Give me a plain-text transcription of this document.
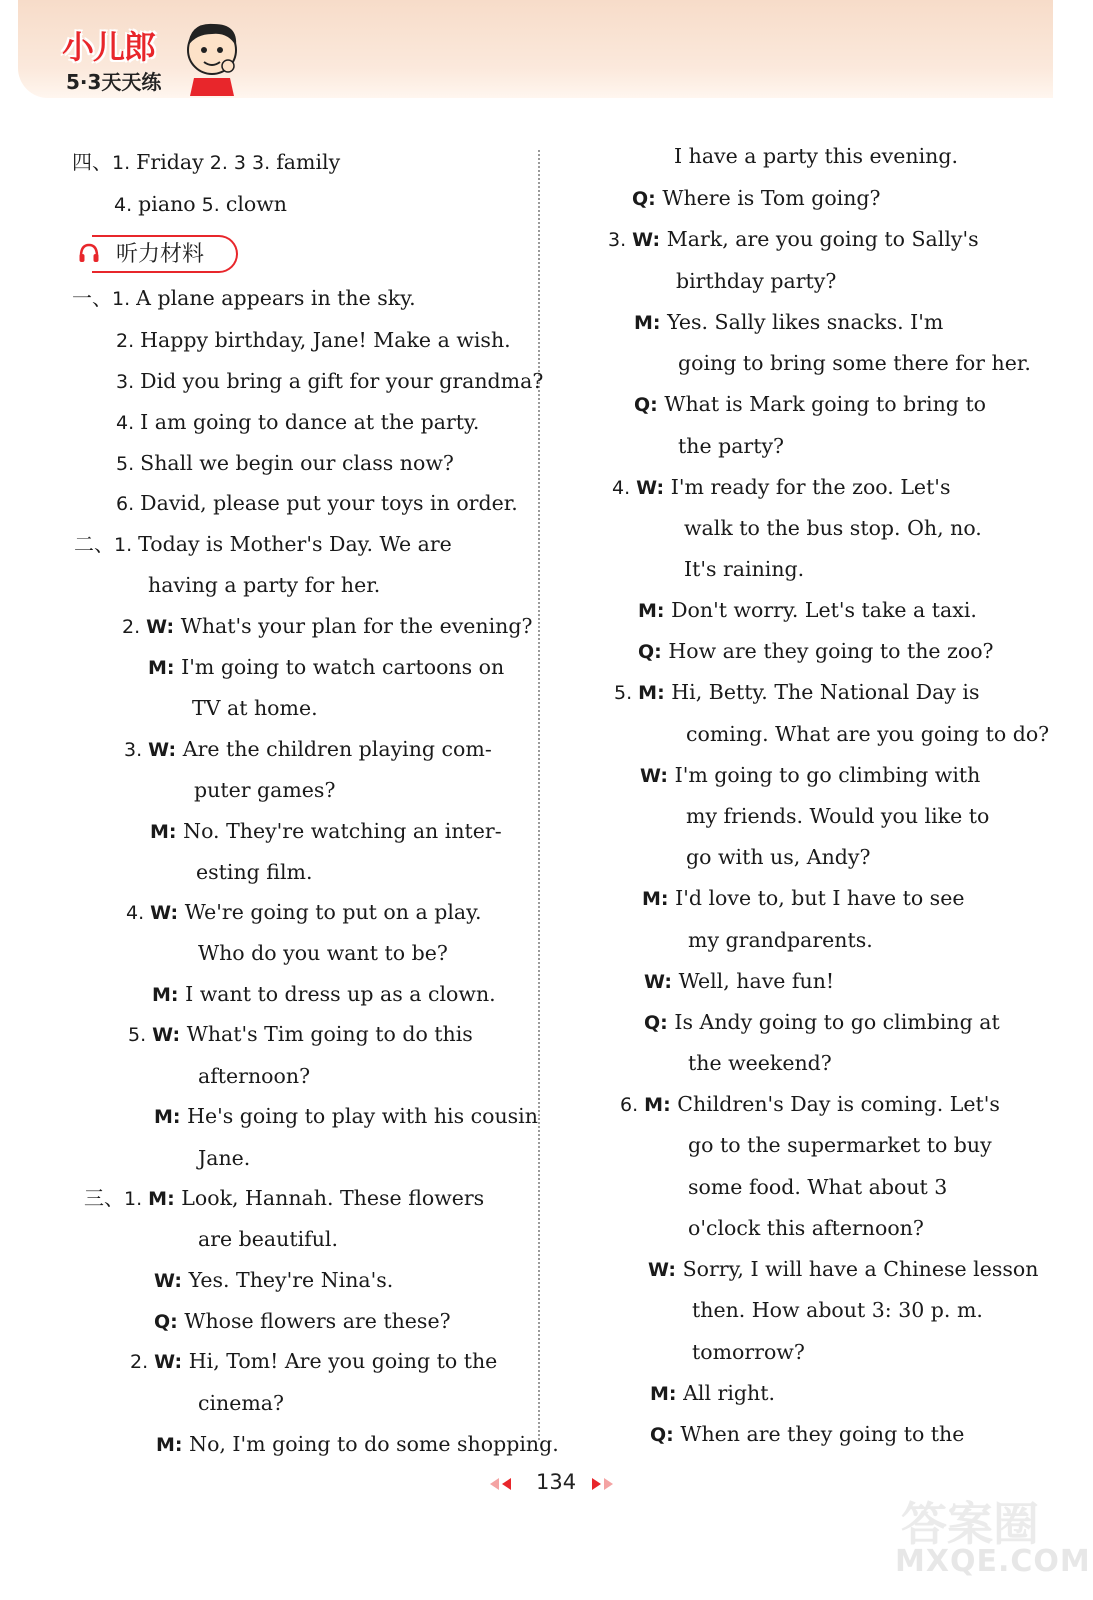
小儿郎
5·3天天练
听力材料
四、1. Friday 2. 3 3. family
4. piano 5. clown
一、1. A plane appears in the sky.
2. Happy birthday, Jane! Make a wish.
3. Did you bring a gift for your grandma?
4. I am going to dance at the party.
5. Shall we begin our class now?
6. David, please put your toys in order.
二、1. Today is Mother's Day. We are
having a party for her.
2. W: What's your plan for the evening?
M: I'm going to watch cartoons on
TV at home.
3. W: Are the children playing com-
puter games?
M: No. They're watching an inter-
esting film.
4. W: We're going to put on a play.
Who do you want to be?
M: I want to dress up as a clown.
5. W: What's Tim going to do this
afternoon?
M: He's going to play with his cousin
Jane.
三、1. M: Look, Hannah. These flowers
are beautiful.
W: Yes. They're Nina's.
Q: Whose flowers are these?
2. W: Hi, Tom! Are you going to the
cinema?
M: No, I'm going to do some shopping.
I have a party this evening.
Q: Where is Tom going?
3. W: Mark, are you going to Sally's
birthday party?
M: Yes. Sally likes snacks. I'm
going to bring some there for her.
Q: What is Mark going to bring to
the party?
4. W: I'm ready for the zoo. Let's
walk to the bus stop. Oh, no.
It's raining.
M: Don't worry. Let's take a taxi.
Q: How are they going to the zoo?
5. M: Hi, Betty. The National Day is
coming. What are you going to do?
W: I'm going to go climbing with
my friends. Would you like to
go with us, Andy?
M: I'd love to, but I have to see
my grandparents.
W: Well, have fun!
Q: Is Andy going to go climbing at
the weekend?
6. M: Children's Day is coming. Let's
go to the supermarket to buy
some food. What about 3
o'clock this afternoon?
W: Sorry, I will have a Chinese lesson
then. How about 3: 30 p. m.
tomorrow?
M: All right.
Q: When are they going to the
134
答案圈
MXQE.COM
